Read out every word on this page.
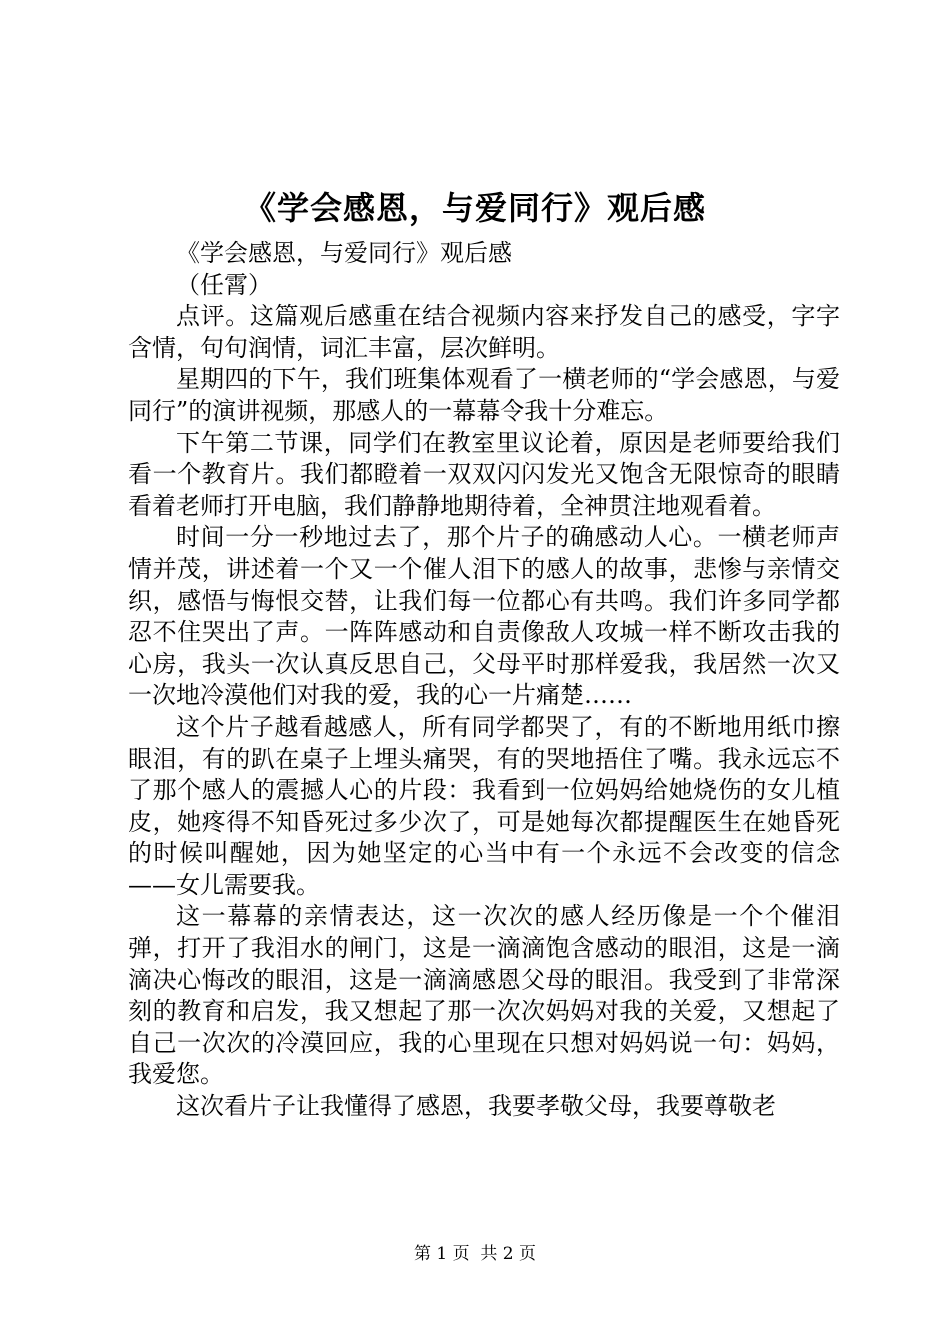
《学会感恩，与爱同行》观后感

《学会感恩，与爱同行》观后感

（任霄）

点评。这篇观后感重在结合视频内容来抒发自己的感受，字字含情，句句润情，词汇丰富，层次鲜明。

星期四的下午，我们班集体观看了一横老师的“学会感恩，与爱同行”的演讲视频，那感人的一幕幕令我十分难忘。

下午第二节课，同学们在教室里议论着，原因是老师要给我们看一个教育片。我们都瞪着一双双闪闪发光又饱含无限惊奇的眼睛看着老师打开电脑，我们静静地期待着，全神贯注地观看着。

时间一分一秒地过去了，那个片子的确感动人心。一横老师声情并茂，讲述着一个又一个催人泪下的感人的故事，悲惨与亲情交织，感悟与悔恨交替，让我们每一位都心有共鸣。我们许多同学都忍不住哭出了声。一阵阵感动和自责像敌人攻城一样不断攻击我的心房，我头一次认真反思自己，父母平时那样爱我，我居然一次又一次地冷漠他们对我的爱，我的心一片痛楚……

这个片子越看越感人，所有同学都哭了，有的不断地用纸巾擦眼泪，有的趴在桌子上埋头痛哭，有的哭地捂住了嘴。我永远忘不了那个感人的震撼人心的片段：我看到一位妈妈给她烧伤的女儿植皮，她疼得不知昏死过多少次了，可是她每次都提醒医生在她昏死的时候叫醒她，因为她坚定的心当中有一个永远不会改变的信念——女儿需要我。

这一幕幕的亲情表达，这一次次的感人经历像是一个个催泪弹，打开了我泪水的闸门，这是一滴滴饱含感动的眼泪，这是一滴滴决心悔改的眼泪，这是一滴滴感恩父母的眼泪。我受到了非常深刻的教育和启发，我又想起了那一次次妈妈对我的关爱，又想起了自己一次次的冷漠回应，我的心里现在只想对妈妈说一句：妈妈，我爱您。

这次看片子让我懂得了感恩，我要孝敬父母，我要尊敬老

第 1 页  共 2 页
